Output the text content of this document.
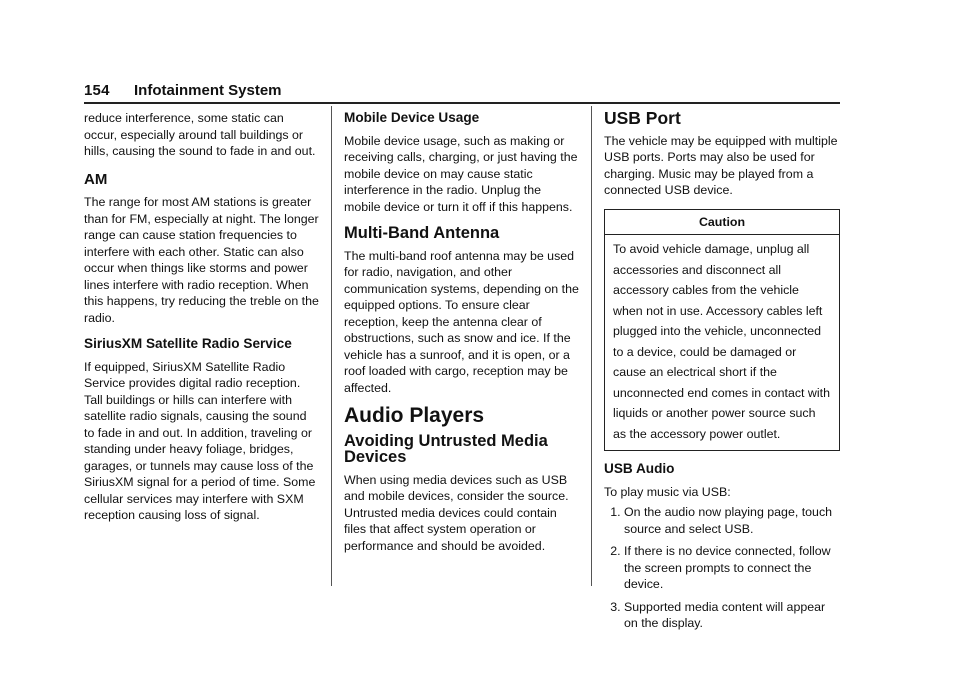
154 Infotainment System

reduce interference, some static can occur, especially around tall buildings or hills, causing the sound to fade in and out.

AM

The range for most AM stations is greater than for FM, especially at night. The longer range can cause station frequencies to interfere with each other. Static can also occur when things like storms and power lines interfere with radio reception. When this happens, try reducing the treble on the radio.

SiriusXM Satellite Radio Service

If equipped, SiriusXM Satellite Radio Service provides digital radio reception. Tall buildings or hills can interfere with satellite radio signals, causing the sound to fade in and out. In addition, traveling or standing under heavy foliage, bridges, garages, or tunnels may cause loss of the SiriusXM signal for a period of time. Some cellular services may interfere with SXM reception causing loss of signal.

Mobile Device Usage

Mobile device usage, such as making or receiving calls, charging, or just having the mobile device on may cause static interference in the radio. Unplug the mobile device or turn it off if this happens.

Multi-Band Antenna

The multi-band roof antenna may be used for radio, navigation, and other communication systems, depending on the equipped options. To ensure clear reception, keep the antenna clear of obstructions, such as snow and ice. If the vehicle has a sunroof, and it is open, or a roof loaded with cargo, reception may be affected.

Audio Players
Avoiding Untrusted Media Devices

When using media devices such as USB and mobile devices, consider the source. Untrusted media devices could contain files that affect system operation or performance and should be avoided.

USB Port

The vehicle may be equipped with multiple USB ports. Ports may also be used for charging. Music may be played from a connected USB device.

Caution
To avoid vehicle damage, unplug all accessories and disconnect all accessory cables from the vehicle when not in use. Accessory cables left plugged into the vehicle, unconnected to a device, could be damaged or cause an electrical short if the unconnected end comes in contact with liquids or another power source such as the accessory power outlet.
USB Audio
To play music via USB:
1. On the audio now playing page, touch source and select USB.
2. If there is no device connected, follow the screen prompts to connect the device.
3. Supported media content will appear on the display.
